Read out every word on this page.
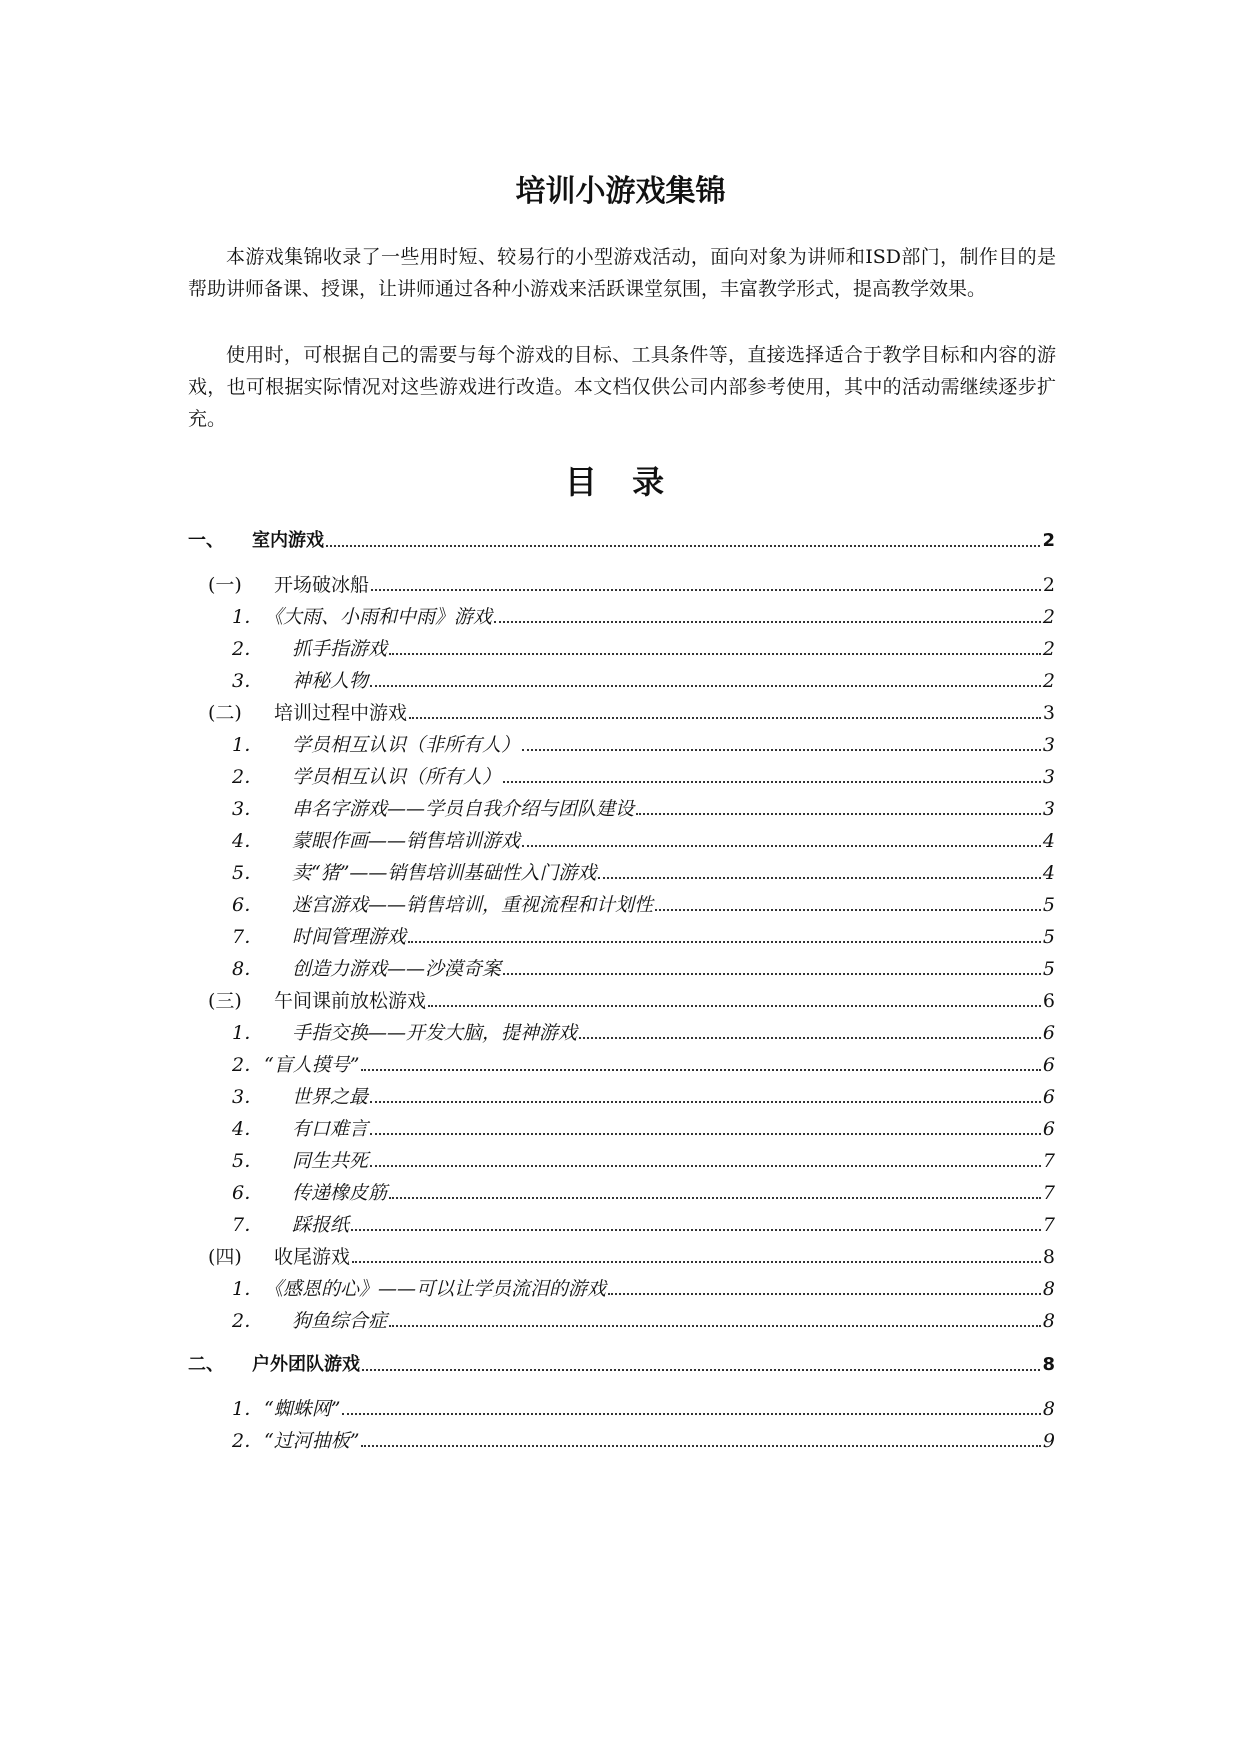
培训小游戏集锦

本游戏集锦收录了一些用时短、较易行的小型游戏活动，面向对象为讲师和ISD部门，制作目的是帮助讲师备课、授课，让讲师通过各种小游戏来活跃课堂氛围，丰富教学形式，提高教学效果。

使用时，可根据自己的需要与每个游戏的目标、工具条件等，直接选择适合于教学目标和内容的游戏，也可根据实际情况对这些游戏进行改造。本文档仅供公司内部参考使用，其中的活动需继续逐步扩充。

目 录
一、	室内游戏	2
(一)	开场破冰船	2
1． 《大雨、小雨和中雨》游戏	2
2．	抓手指游戏	2
3．	神秘人物	2
(二)	培训过程中游戏	3
1．	学员相互认识（非所有人）	3
2．	学员相互认识（所有人）	3
3．	串名字游戏——学员自我介绍与团队建设	3
4．	蒙眼作画——销售培训游戏	4
5．	卖“猪”——销售培训基础性入门游戏	4
6．	迷宫游戏——销售培训，重视流程和计划性	5
7．	时间管理游戏	5
8．	创造力游戏——沙漠奇案	5
(三)	午间课前放松游戏	6
1．	手指交换——开发大脑，提神游戏	6
2． “盲人摸号”	6
3．	世界之最	6
4．	有口难言	6
5．	同生共死	7
6．	传递橡皮筋	7
7．	踩报纸	7
(四)	收尾游戏	8
1． 《感恩的心》——可以让学员流泪的游戏	8
2．	狗鱼综合症	8
二、	户外团队游戏	8
1． “蜘蛛网”	8
2． “过河抽板”	9
